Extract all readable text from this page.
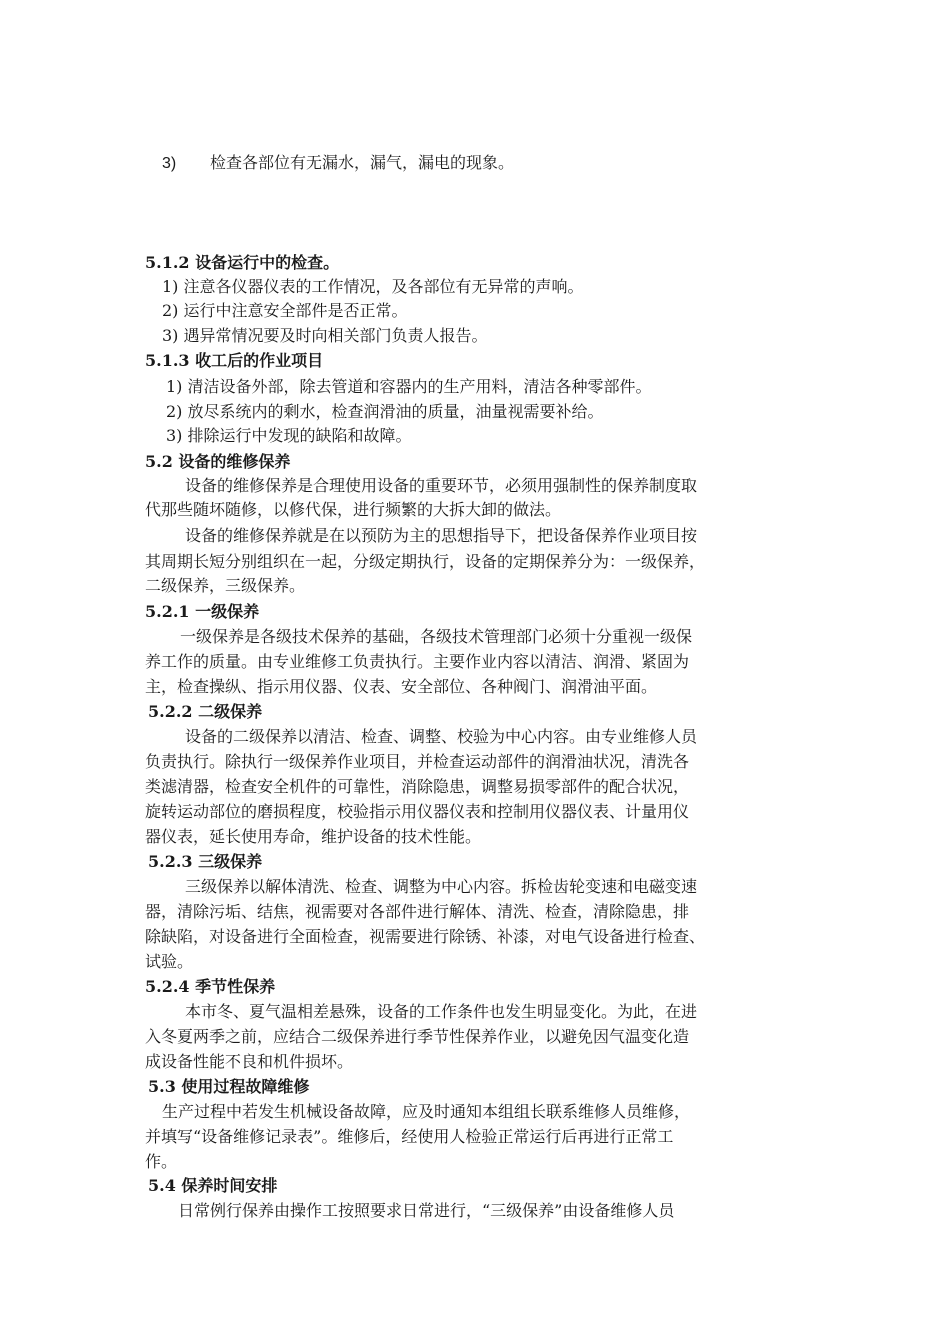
3) 检查各部位有无漏水，漏气，漏电的现象。
5.1.2 设备运行中的检查。
1) 注意各仪器仪表的工作情况，及各部位有无异常的声响。
2) 运行中注意安全部件是否正常。
3) 遇异常情况要及时向相关部门负责人报告。
5.1.3 收工后的作业项目
1) 清洁设备外部，除去管道和容器内的生产用料，清洁各种零部件。
2) 放尽系统内的剩水，检查润滑油的质量，油量视需要补给。
3) 排除运行中发现的缺陷和故障。
5.2 设备的维修保养
设备的维修保养是合理使用设备的重要环节，必须用强制性的保养制度取
代那些随坏随修，以修代保，进行频繁的大拆大卸的做法。
设备的维修保养就是在以预防为主的思想指导下，把设备保养作业项目按
其周期长短分别组织在一起，分级定期执行，设备的定期保养分为：一级保养，
二级保养，三级保养。
5.2.1 一级保养
一级保养是各级技术保养的基础，各级技术管理部门必须十分重视一级保
养工作的质量。由专业维修工负责执行。主要作业内容以清洁、润滑、紧固为
主，检查操纵、指示用仪器、仪表、安全部位、各种阀门、润滑油平面。
5.2.2 二级保养
设备的二级保养以清洁、检查、调整、校验为中心内容。由专业维修人员
负责执行。除执行一级保养作业项目，并检查运动部件的润滑油状况，清洗各
类滤清器，检查安全机件的可靠性，消除隐患，调整易损零部件的配合状况，
旋转运动部位的磨损程度，校验指示用仪器仪表和控制用仪器仪表、计量用仪
器仪表，延长使用寿命，维护设备的技术性能。
5.2.3 三级保养
三级保养以解体清洗、检查、调整为中心内容。拆检齿轮变速和电磁变速
器，清除污垢、结焦，视需要对各部件进行解体、清洗、检查，清除隐患，排
除缺陷，对设备进行全面检查，视需要进行除锈、补漆，对电气设备进行检查、
试验。
5.2.4 季节性保养
本市冬、夏气温相差悬殊，设备的工作条件也发生明显变化。为此，在进
入冬夏两季之前，应结合二级保养进行季节性保养作业，以避免因气温变化造
成设备性能不良和机件损坏。
5.3 使用过程故障维修
生产过程中若发生机械设备故障，应及时通知本组组长联系维修人员维修，
并填写“设备维修记录表”。维修后，经使用人检验正常运行后再进行正常工
作。
5.4 保养时间安排
日常例行保养由操作工按照要求日常进行，“三级保养”由设备维修人员
